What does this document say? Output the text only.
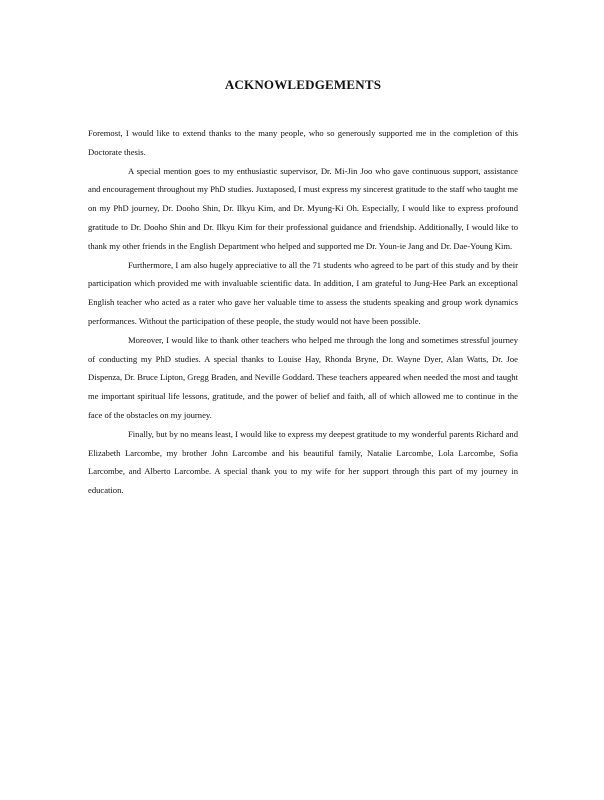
ACKNOWLEDGEMENTS

Foremost, I would like to extend thanks to the many people, who so generously supported me in the completion of this Doctorate thesis.

A special mention goes to my enthusiastic supervisor, Dr. Mi-Jin Joo who gave continuous support, assistance and encouragement throughout my PhD studies. Juxtaposed, I must express my sincerest gratitude to the staff who taught me on my PhD journey, Dr. Dooho Shin, Dr. Ilkyu Kim, and Dr. Myung-Ki Oh. Especially, I would like to express profound gratitude to Dr. Dooho Shin and Dr. Ilkyu Kim for their professional guidance and friendship. Additionally, I would like to thank my other friends in the English Department who helped and supported me Dr. Youn-ie Jang and Dr. Dae-Young Kim.

Furthermore, I am also hugely appreciative to all the 71 students who agreed to be part of this study and by their participation which provided me with invaluable scientific data. In addition, I am grateful to Jung-Hee Park an exceptional English teacher who acted as a rater who gave her valuable time to assess the students speaking and group work dynamics performances. Without the participation of these people, the study would not have been possible.

Moreover, I would like to thank other teachers who helped me through the long and sometimes stressful journey of conducting my PhD studies. A special thanks to Louise Hay, Rhonda Bryne, Dr. Wayne Dyer, Alan Watts, Dr. Joe Dispenza, Dr. Bruce Lipton, Gregg Braden, and Neville Goddard. These teachers appeared when needed the most and taught me important spiritual life lessons, gratitude, and the power of belief and faith, all of which allowed me to continue in the face of the obstacles on my journey.

Finally, but by no means least, I would like to express my deepest gratitude to my wonderful parents Richard and Elizabeth Larcombe, my brother John Larcombe and his beautiful family, Natalie Larcombe, Lola Larcombe, Sofia Larcombe, and Alberto Larcombe. A special thank you to my wife for her support through this part of my journey in education.
